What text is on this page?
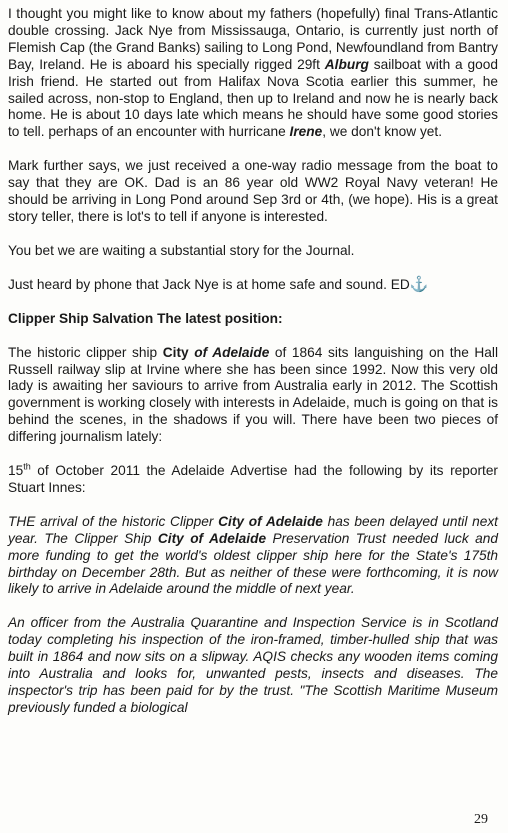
I thought you might like to know about my fathers (hopefully) final Trans-Atlantic double crossing. Jack Nye from Mississauga, Ontario, is currently just north of Flemish Cap (the Grand Banks) sailing to Long Pond, Newfoundland from Bantry Bay, Ireland. He is aboard his specially rigged 29ft Alburg sailboat with a good Irish friend. He started out from Halifax Nova Scotia earlier this summer, he sailed across, non-stop to England, then up to Ireland and now he is nearly back home. He is about 10 days late which means he should have some good stories to tell. perhaps of an encounter with hurricane Irene, we don't know yet.

Mark further says, we just received a one-way radio message from the boat to say that they are OK. Dad is an 86 year old WW2 Royal Navy veteran! He should be arriving in Long Pond around Sep 3rd or 4th, (we hope). His is a great story teller, there is lot's to tell if anyone is interested.

You bet we are waiting a substantial story for the Journal.

Just heard by phone that Jack Nye is at home safe and sound. ED⚓

Clipper Ship Salvation The latest position:

The historic clipper ship City of Adelaide of 1864 sits languishing on the Hall Russell railway slip at Irvine where she has been since 1992. Now this very old lady is awaiting her saviours to arrive from Australia early in 2012. The Scottish government is working closely with interests in Adelaide, much is going on that is behind the scenes, in the shadows if you will. There have been two pieces of differing journalism lately:

15th of October 2011 the Adelaide Advertise had the following by its reporter Stuart Innes:

THE arrival of the historic Clipper City of Adelaide has been delayed until next year. The Clipper Ship City of Adelaide Preservation Trust needed luck and more funding to get the world's oldest clipper ship here for the State's 175th birthday on December 28th. But as neither of these were forthcoming, it is now likely to arrive in Adelaide around the middle of next year.

An officer from the Australia Quarantine and Inspection Service is in Scotland today completing his inspection of the iron-framed, timber-hulled ship that was built in 1864 and now sits on a slipway. AQIS checks any wooden items coming into Australia and looks for, unwanted pests, insects and diseases. The inspector's trip has been paid for by the trust. "The Scottish Maritime Museum previously funded a biological

29
